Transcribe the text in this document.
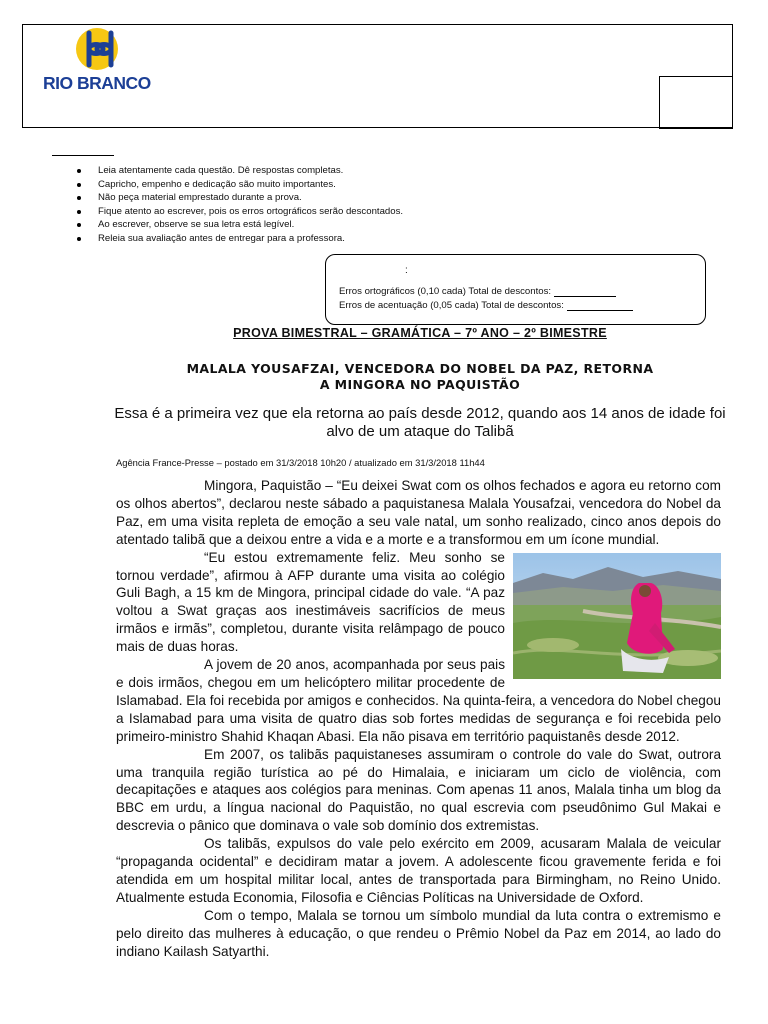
RIO BRANCO
Leia atentamente cada questão. Dê respostas completas.
Capricho, empenho e dedicação são muito importantes.
Não peça material emprestado durante a prova.
Fique atento ao escrever, pois os erros ortográficos serão descontados.
Ao escrever, observe se sua letra está legível.
Releia sua avaliação antes de entregar para a professora.
:
Erros ortográficos (0,10 cada) Total de descontos:
Erros de acentuação (0,05 cada) Total de descontos:
PROVA BIMESTRAL – GRAMÁTICA – 7º ANO – 2º BIMESTRE
MALALA YOUSAFZAI, VENCEDORA DO NOBEL DA PAZ, RETORNA
A MINGORA NO PAQUISTÃO
Essa é a primeira vez que ela retorna ao país desde 2012, quando aos 14 anos de idade foi alvo de um ataque do Talibã
Agência France-Presse – postado em 31/3/2018 10h20 / atualizado em 31/3/2018 11h44

Mingora, Paquistão – “Eu deixei Swat com os olhos fechados e agora eu retorno com os olhos abertos”, declarou neste sábado a paquistanesa Malala Yousafzai, vencedora do Nobel da Paz, em uma visita repleta de emoção a seu vale natal, um sonho realizado, cinco anos depois do atentado talibã que a deixou entre a vida e a morte e a transformou em um ícone mundial.

“Eu estou extremamente feliz. Meu sonho se tornou verdade”, afirmou à AFP durante uma visita ao colégio Guli Bagh, a 15 km de Mingora, principal cidade do vale. “A paz voltou a Swat graças aos inestimáveis sacrifícios de meus irmãos e irmãs”, completou, durante visita relâmpago de pouco mais de duas horas.

A jovem de 20 anos, acompanhada por seus pais e dois irmãos, chegou em um helicóptero militar procedente de Islamabad. Ela foi recebida por amigos e conhecidos. Na quinta-feira, a vencedora do Nobel chegou a Islamabad para uma visita de quatro dias sob fortes medidas de segurança e foi recebida pelo primeiro-ministro Shahid Khaqan Abasi. Ela não pisava em território paquistanês desde 2012.

Em 2007, os talibãs paquistaneses assumiram o controle do vale do Swat, outrora uma tranquila região turística ao pé do Himalaia, e iniciaram um ciclo de violência, com decapitações e ataques aos colégios para meninas. Com apenas 11 anos, Malala tinha um blog da BBC em urdu, a língua nacional do Paquistão, no qual escrevia com pseudônimo Gul Makai e descrevia o pânico que dominava o vale sob domínio dos extremistas.

Os talibãs, expulsos do vale pelo exército em 2009, acusaram Malala de veicular “propaganda ocidental” e decidiram matar a jovem. A adolescente ficou gravemente ferida e foi atendida em um hospital militar local, antes de transportada para Birmingham, no Reino Unido. Atualmente estuda Economia, Filosofia e Ciências Políticas na Universidade de Oxford.

Com o tempo, Malala se tornou um símbolo mundial da luta contra o extremismo e pelo direito das mulheres à educação, o que rendeu o Prêmio Nobel da Paz em 2014, ao lado do indiano Kailash Satyarthi.
